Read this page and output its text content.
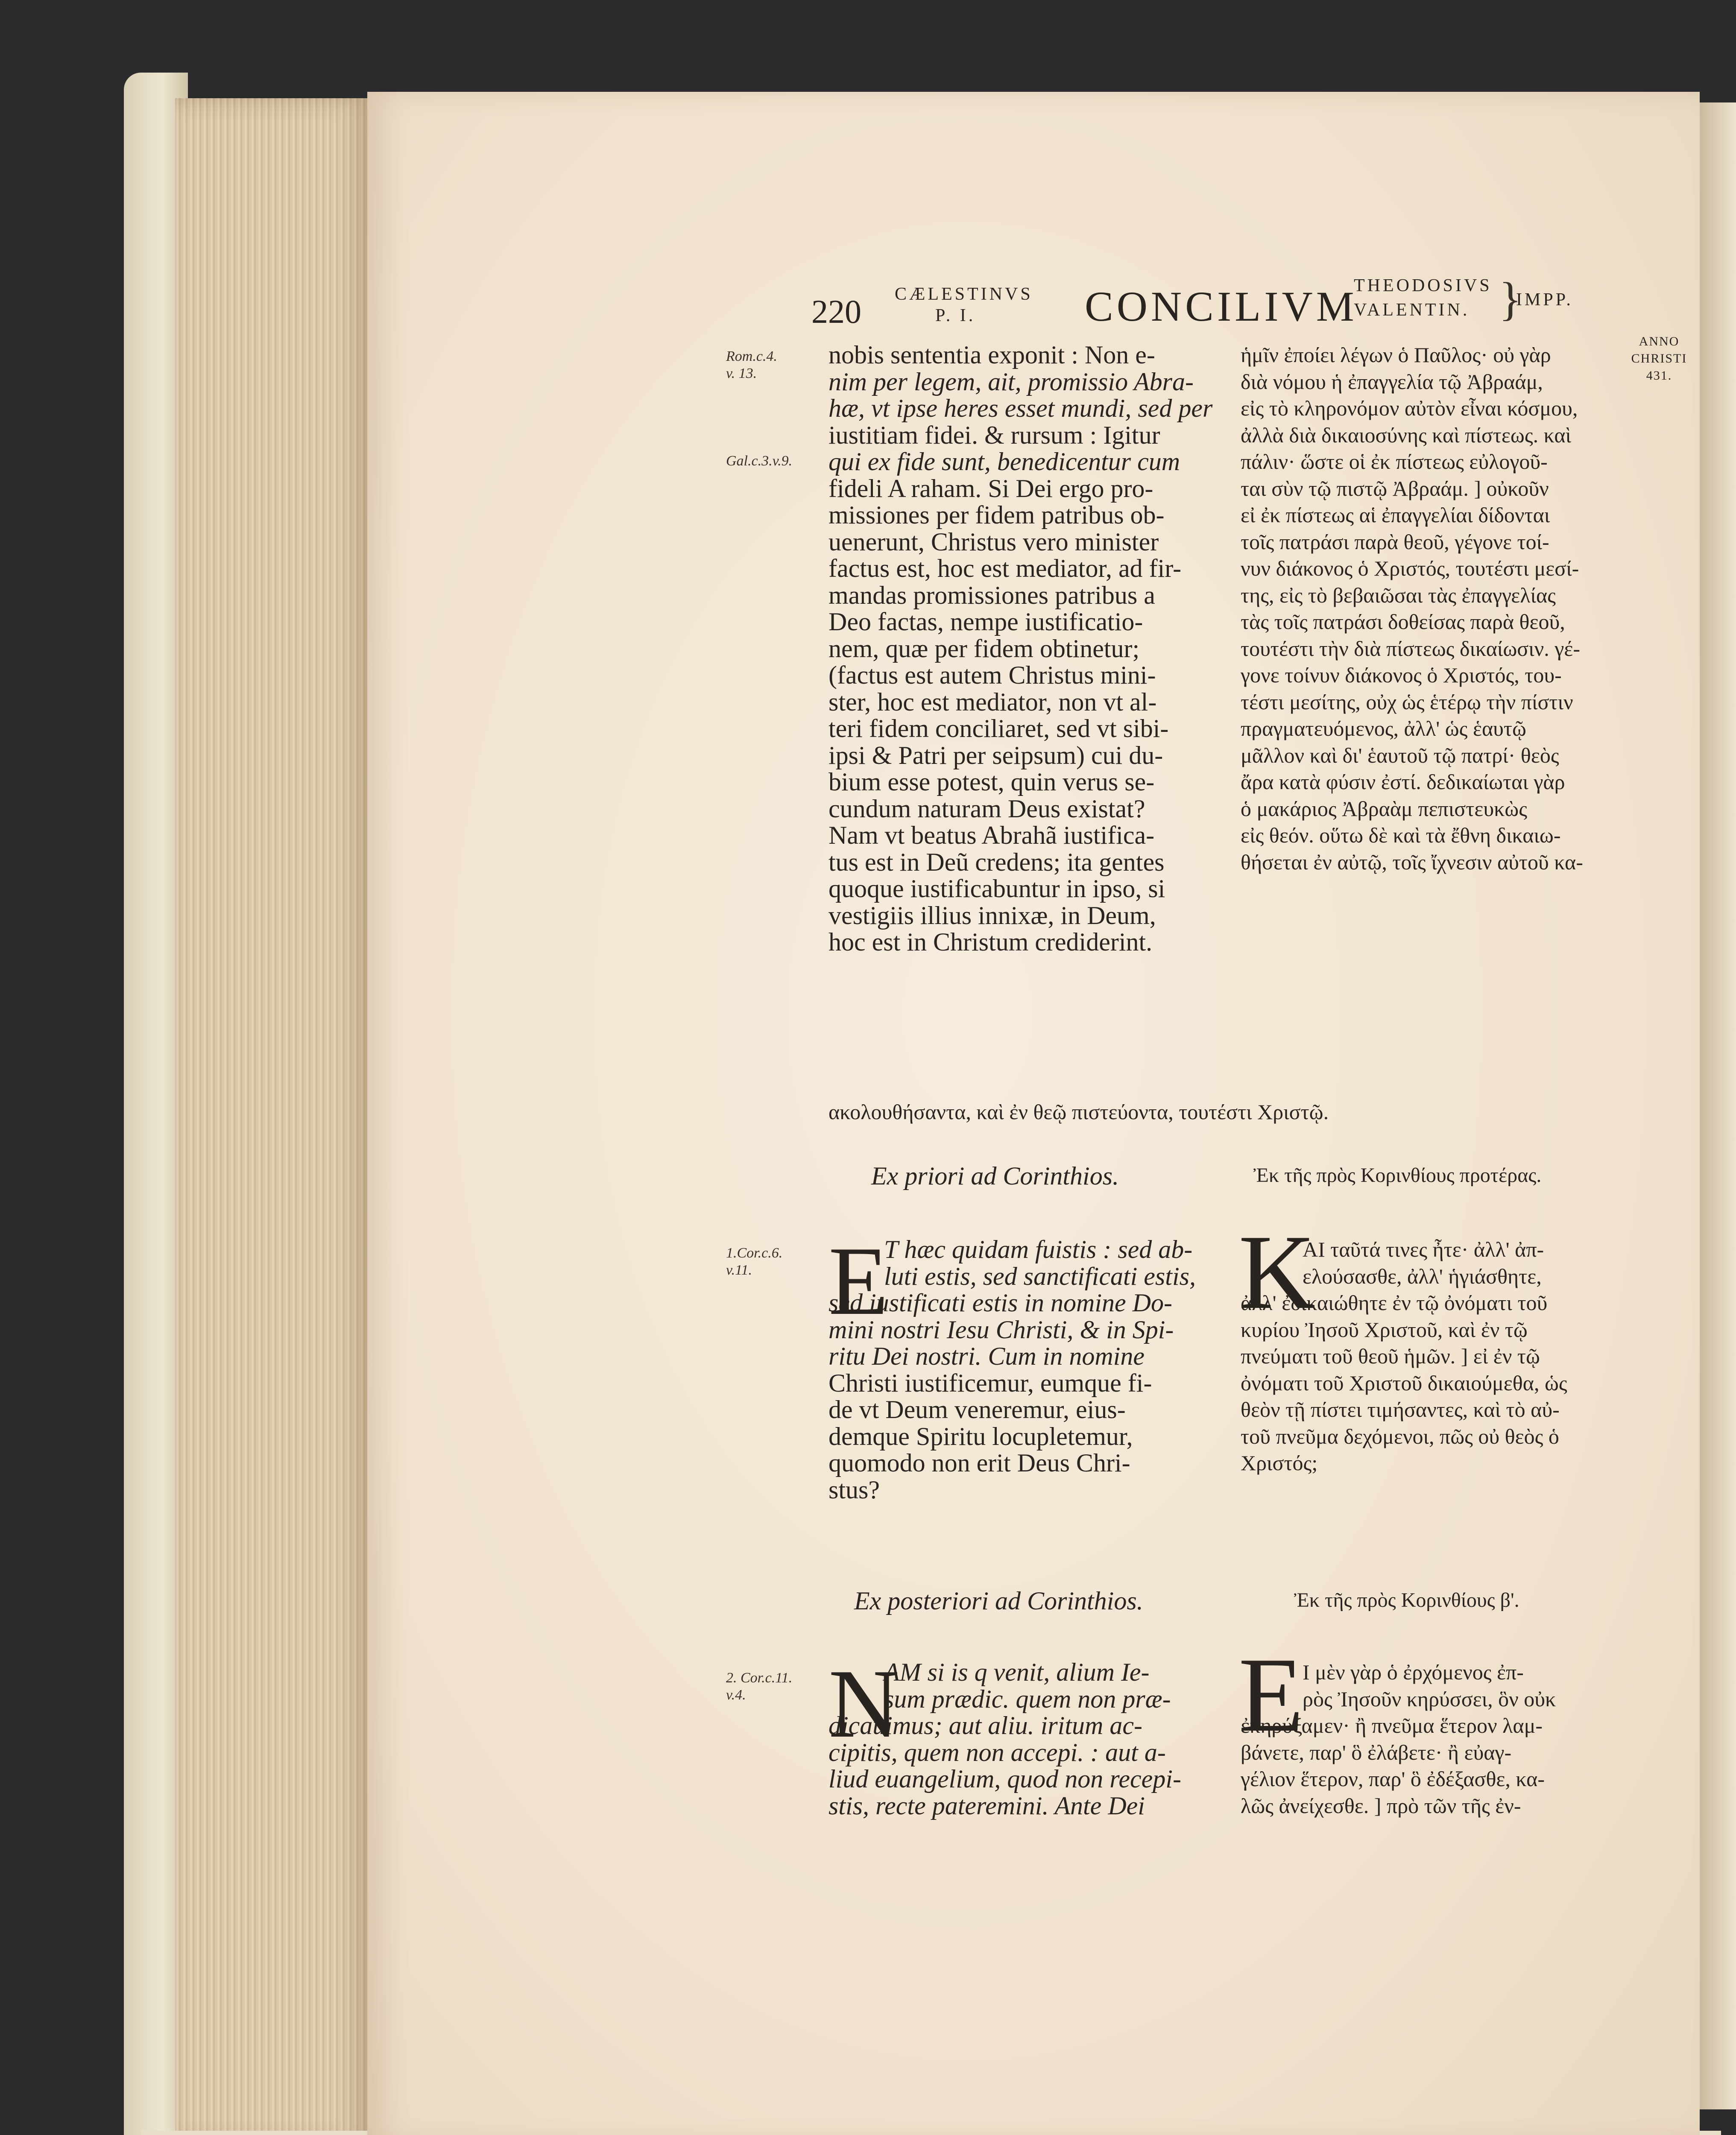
220 CÆLESTINVS
P. I.	CONCILIVM
THEODOSIVS
VALENTIN. }
IMPP.
ANNO
CHRISTI
431.
Rom.c.4.
v. 13.
Gal.c.3.v.9.
1.Cor.c.6.
v.11.
2. Cor.c.11.
v.4.
nobis sententia exponit : Non e-
nim per legem, ait, promissio Abra-
hæ, vt ipse heres esset mundi, sed per
iustitiam fidei. & rursum : Igitur
qui ex fide sunt, benedicentur cum
fideli A raham. Si Dei ergo pro-
missiones per fidem patribus ob-
uenerunt, Christus vero minister
factus est, hoc est mediator, ad fir-
mandas promissiones patribus a
Deo factas, nempe iustificatio-
nem, quæ per fidem obtinetur;
(factus est autem Christus mini-
ster, hoc est mediator, non vt al-
teri fidem conciliaret, sed vt sibi-
ipsi & Patri per seipsum) cui du-
bium esse potest, quin verus se-
cundum naturam Deus existat?
Nam vt beatus Abrahã iustifica-
tus est in Deũ credens; ita gentes
quoque iustificabuntur in ipso, si
vestigiis illius innixæ, in Deum,
hoc est in Christum crediderint.
ἡμῖν ἐποίει λέγων ὁ Παῦλος· οὐ γὰρ
διὰ νόμου ἡ ἐπαγγελία τῷ Ἀβραάμ,
εἰς τὸ κληρονόμον αὐτὸν εἶναι κόσμου,
ἀλλὰ διὰ δικαιοσύνης καὶ πίστεως. καὶ
πάλιν· ὥστε οἱ ἐκ πίστεως εὐλογοῦ-
ται σὺν τῷ πιστῷ Ἀβραάμ. ] οὐκοῦν
εἰ ἐκ πίστεως αἱ ἐπαγγελίαι δίδονται
τοῖς πατράσι παρὰ θεοῦ, γέγονε τοί-
νυν διάκονος ὁ Χριστός, τουτέστι μεσί-
της, εἰς τὸ βεβαιῶσαι τὰς ἐπαγγελίας
τὰς τοῖς πατράσι δοθείσας παρὰ θεοῦ,
τουτέστι τὴν διὰ πίστεως δικαίωσιν. γέ-
γονε τοίνυν διάκονος ὁ Χριστός, του-
τέστι μεσίτης, οὐχ ὡς ἑτέρῳ τὴν πίστιν
πραγματευόμενος, ἀλλ' ὡς ἑαυτῷ
μᾶλλον καὶ δι' ἑαυτοῦ τῷ πατρί· θεὸς
ἄρα κατὰ φύσιν ἐστί. δεδικαίωται γὰρ
ὁ μακάριος Ἀβραὰμ πεπιστευκὼς
εἰς θεόν. οὕτω δὲ καὶ τὰ ἔθνη δικαιω-
θήσεται ἐν αὐτῷ, τοῖς ἴχνεσιν αὐτοῦ κα-
ακολουθήσαντα, καὶ ἐν θεῷ πιστεύοντα, τουτέστι Χριστῷ.
Ex priori ad Corinthios.	Ἐκ τῆς πρὸς Κορινθίους προτέρας.
E
T hæc quidam fuistis : sed ab-
luti estis, sed sanctificati estis,
sed iustificati estis in nomine Do-
mini nostri Iesu Christi, & in Spi-
ritu Dei nostri. Cum in nomine
Christi iustificemur, eumque fi-
de vt Deum veneremur, eius-
demque Spiritu locupletemur,
quomodo non erit Deus Chri-
stus?
K
AI ταῦτά τινες ἦτε· ἀλλ' ἀπ-
ελούσασθε, ἀλλ' ἡγιάσθητε,
ἀλλ' ἐδικαιώθητε ἐν τῷ ὀνόματι τοῦ
κυρίου Ἰησοῦ Χριστοῦ, καὶ ἐν τῷ
πνεύματι τοῦ θεοῦ ἡμῶν. ] εἰ ἐν τῷ
ὀνόματι τοῦ Χριστοῦ δικαιούμεθα, ὡς
θεὸν τῇ πίστει τιμήσαντες, καὶ τὸ αὐ-
τοῦ πνεῦμα δεχόμενοι, πῶς οὐ θεὸς ὁ
Χριστός;
Ex posteriori ad Corinthios.	Ἐκ τῆς πρὸς Κορινθίους β'.
N
AM si is q venit, alium Ie-
sum prædic. quem non præ-
dicauimus; aut aliu. iritum ac-
cipitis, quem non accepi. : aut a-
liud euangelium, quod non recepi-
stis, recte pateremini. Ante Dei
E
I μὲν γὰρ ὁ ἐρχόμενος ἐπ-
ρὸς Ἰησοῦν κηρύσσει, ὃν οὐκ
ἐκηρύξαμεν· ἢ πνεῦμα ἕτερον λαμ-
βάνετε, παρ' ὃ ἐλάβετε· ἢ εὐαγ-
γέλιον ἕτερον, παρ' ὃ ἐδέξασθε, κα-
λῶς ἀνείχεσθε. ] πρὸ τῶν τῆς ἐν-
